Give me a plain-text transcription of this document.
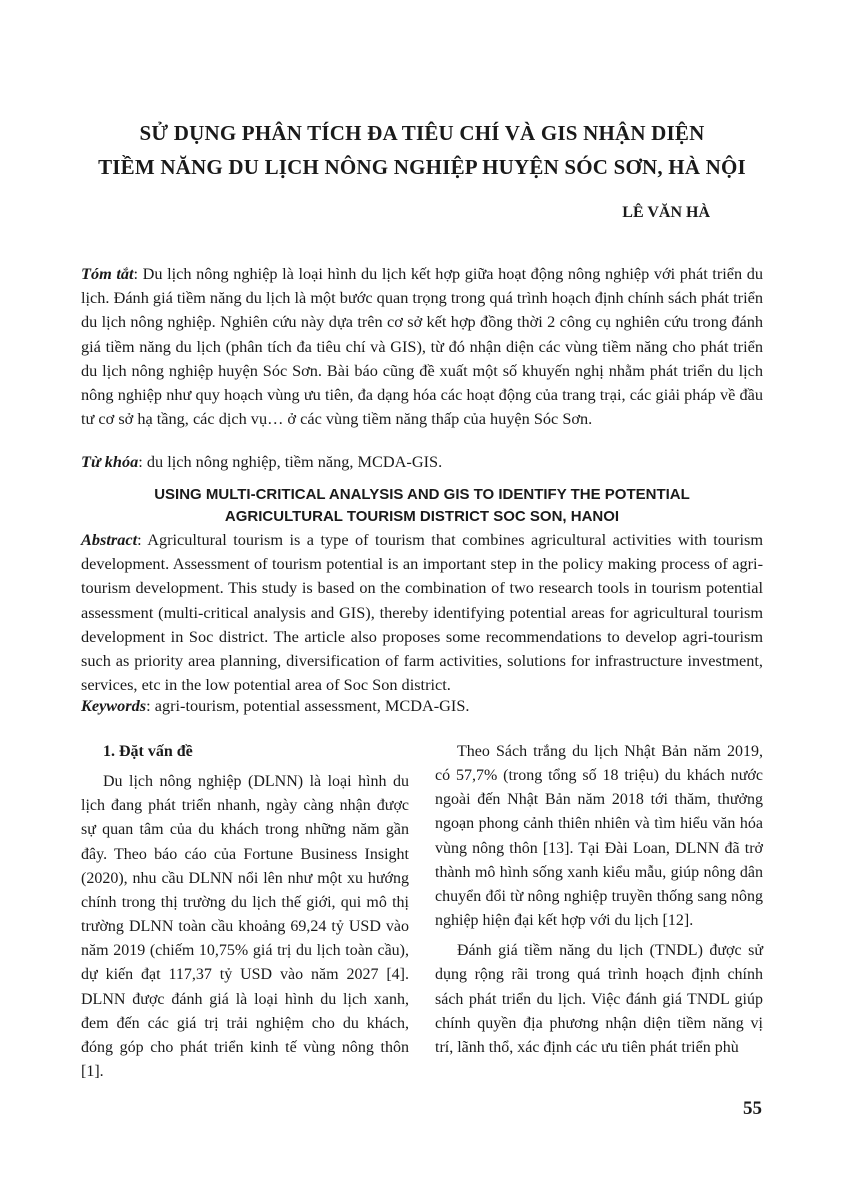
SỬ DỤNG PHÂN TÍCH ĐA TIÊU CHÍ VÀ GIS NHẬN DIỆN
TIỀM NĂNG DU LỊCH NÔNG NGHIỆP HUYỆN SÓC SƠN, HÀ NỘI
LÊ VĂN HÀ

Tóm tắt: Du lịch nông nghiệp là loại hình du lịch kết hợp giữa hoạt động nông nghiệp với phát triển du lịch. Đánh giá tiềm năng du lịch là một bước quan trọng trong quá trình hoạch định chính sách phát triển du lịch nông nghiệp. Nghiên cứu này dựa trên cơ sở kết hợp đồng thời 2 công cụ nghiên cứu trong đánh giá tiềm năng du lịch (phân tích đa tiêu chí và GIS), từ đó nhận diện các vùng tiềm năng cho phát triển du lịch nông nghiệp huyện Sóc Sơn. Bài báo cũng đề xuất một số khuyến nghị nhằm phát triển du lịch nông nghiệp như quy hoạch vùng ưu tiên, đa dạng hóa các hoạt động của trang trại, các giải pháp về đầu tư cơ sở hạ tầng, các dịch vụ… ở các vùng tiềm năng thấp của huyện Sóc Sơn.

Từ khóa: du lịch nông nghiệp, tiềm năng, MCDA-GIS.

USING MULTI-CRITICAL ANALYSIS AND GIS TO IDENTIFY THE POTENTIAL
AGRICULTURAL TOURISM DISTRICT SOC SON, HANOI

Abstract: Agricultural tourism is a type of tourism that combines agricultural activities with tourism development. Assessment of tourism potential is an important step in the policy making process of agri-tourism development. This study is based on the combination of two research tools in tourism potential assessment (multi-critical analysis and GIS), thereby identifying potential areas for agricultural tourism development in Soc district. The article also proposes some recommendations to develop agri-tourism such as priority area planning, diversification of farm activities, solutions for infrastructure investment, services, etc in the low potential area of Soc Son district.

Keywords: agri-tourism, potential assessment, MCDA-GIS.

1. Đặt vấn đề

Du lịch nông nghiệp (DLNN) là loại hình du lịch đang phát triển nhanh, ngày càng nhận được sự quan tâm của du khách trong những năm gần đây. Theo báo cáo của Fortune Business Insight (2020), nhu cầu DLNN nổi lên như một xu hướng chính trong thị trường du lịch thế giới, qui mô thị trường DLNN toàn cầu khoảng 69,24 tỷ USD vào năm 2019 (chiếm 10,75% giá trị du lịch toàn cầu), dự kiến đạt 117,37 tỷ USD vào năm 2027 [4]. DLNN được đánh giá là loại hình du lịch xanh, đem đến các giá trị trải nghiệm cho du khách, đóng góp cho phát triển kinh tế vùng nông thôn [1].

Theo Sách trắng du lịch Nhật Bản năm 2019, có 57,7% (trong tổng số 18 triệu) du khách nước ngoài đến Nhật Bản năm 2018 tới thăm, thưởng ngoạn phong cảnh thiên nhiên và tìm hiểu văn hóa vùng nông thôn [13]. Tại Đài Loan, DLNN đã trở thành mô hình sống xanh kiểu mẫu, giúp nông dân chuyển đổi từ nông nghiệp truyền thống sang nông nghiệp hiện đại kết hợp với du lịch [12].

Đánh giá tiềm năng du lịch (TNDL) được sử dụng rộng rãi trong quá trình hoạch định chính sách phát triển du lịch. Việc đánh giá TNDL giúp chính quyền địa phương nhận diện tiềm năng vị trí, lãnh thổ, xác định các ưu tiên phát triển phù

55
